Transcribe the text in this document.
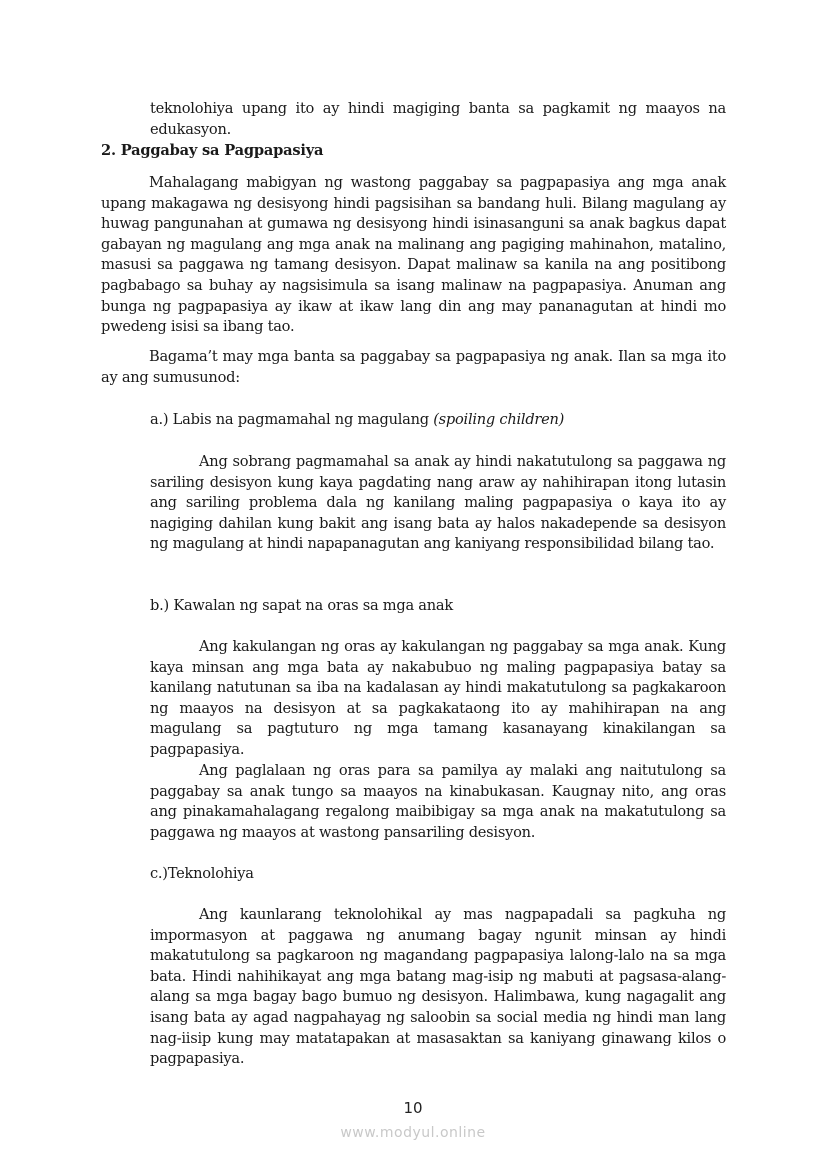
teknolohiya upang ito ay hindi magiging banta sa pagkamit ng maayos na edukasyon.
2. Paggabay sa Pagpapasiya
Mahalagang mabigyan ng wastong paggabay sa pagpapasiya ang mga anak upang makagawa ng desisyong hindi pagsisihan sa bandang huli. Bilang magulang ay huwag pangunahan at gumawa ng desisyong hindi isinasanguni sa anak bagkus dapat gabayan ng magulang ang mga anak na malinang ang pagiging mahinahon, matalino, masusi sa paggawa ng tamang desisyon. Dapat malinaw sa kanila na ang positibong pagbabago sa buhay ay nagsisimula sa isang malinaw na pagpapasiya. Anuman ang bunga ng pagpapasiya ay ikaw at ikaw lang din ang may pananagutan at hindi mo pwedeng isisi sa ibang tao.
Bagama’t may mga banta sa paggabay sa pagpapasiya ng anak. Ilan sa mga ito ay ang sumusunod:
a.) Labis na pagmamahal ng magulang (spoiling children)
Ang sobrang pagmamahal sa anak ay hindi nakatutulong sa paggawa ng sariling desisyon kung kaya pagdating nang araw ay nahihirapan itong lutasin ang sariling problema dala ng kanilang maling pagpapasiya o kaya ito ay nagiging dahilan kung bakit ang isang bata ay halos nakadepende sa desisyon ng magulang at hindi napapanagutan ang kaniyang responsibilidad bilang tao.
b.) Kawalan ng sapat na oras sa mga anak
Ang kakulangan ng oras ay kakulangan ng paggabay sa mga anak. Kung kaya minsan ang mga bata ay nakabubuo ng maling pagpapasiya batay sa kanilang natutunan sa iba na kadalasan ay hindi makatutulong sa pagkakaroon ng maayos na desisyon at sa pagkakataong ito ay mahihirapan na ang magulang sa pagtuturo ng mga tamang kasanayang kinakilangan sa pagpapasiya.
Ang paglalaan ng oras para sa pamilya ay malaki ang naitutulong sa paggabay sa anak tungo sa maayos na kinabukasan. Kaugnay nito, ang oras ang pinakamahalagang regalong maibibigay sa mga anak na makatutulong sa paggawa ng maayos at wastong pansariling desisyon.
c.)Teknolohiya
Ang kaunlarang teknolohikal ay mas nagpapadali sa pagkuha ng impormasyon at paggawa ng anumang bagay ngunit minsan ay hindi makatutulong sa pagkaroon ng magandang pagpapasiya lalong-lalo na sa mga bata. Hindi nahihikayat ang mga batang mag-isip ng mabuti at pagsasa-alang-alang sa mga bagay bago bumuo ng desisyon. Halimbawa, kung nagagalit ang isang bata ay agad nagpahayag ng saloobin sa social media ng hindi man lang nag-iisip kung may matatapakan at masasaktan sa kaniyang ginawang kilos o pagpapasiya.
10
www.modyul.online
